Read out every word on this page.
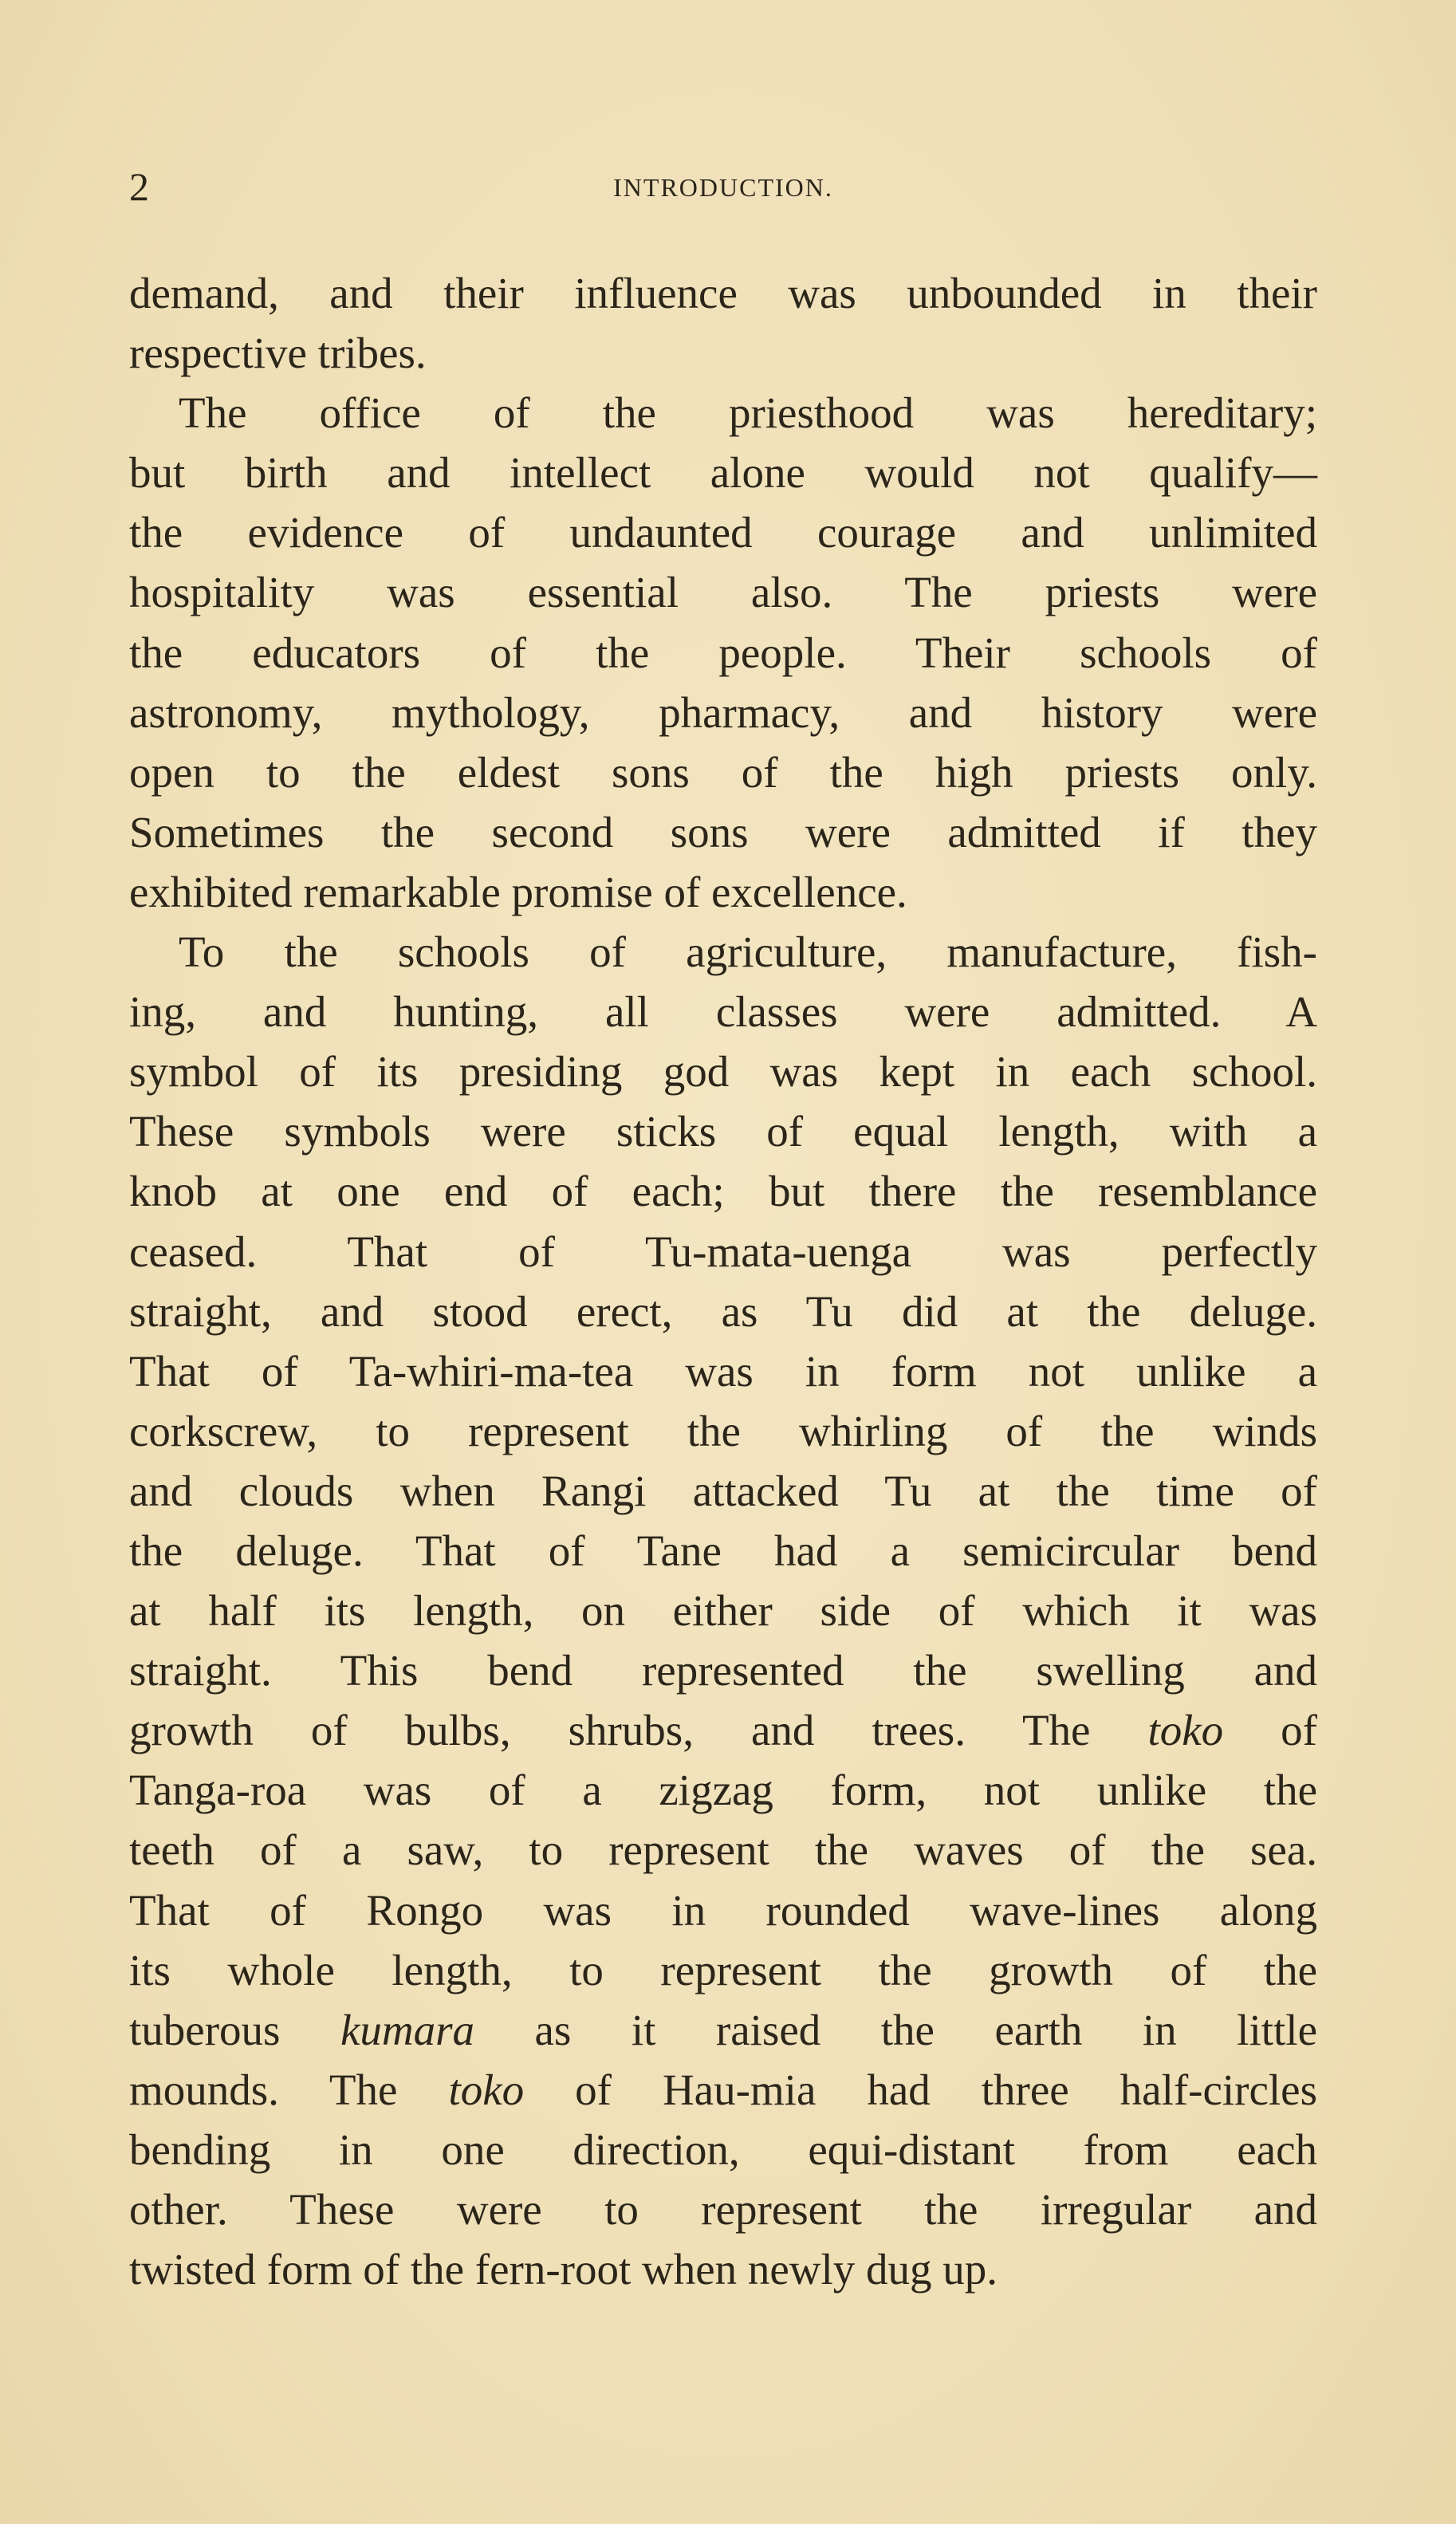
2	INTRODUCTION.
demand, and their influence was unbounded in their
respective tribes.
The office of the priesthood was hereditary;
but birth and intellect alone would not qualify—
the evidence of undaunted courage and unlimited
hospitality was essential also. The priests were
the educators of the people. Their schools of
astronomy, mythology, pharmacy, and history were
open to the eldest sons of the high priests only.
Sometimes the second sons were admitted if they
exhibited remarkable promise of excellence.
To the schools of agriculture, manufacture, fish-
ing, and hunting, all classes were admitted. A
symbol of its presiding god was kept in each school.
These symbols were sticks of equal length, with a
knob at one end of each; but there the resemblance
ceased. That of Tu-mata-uenga was perfectly
straight, and stood erect, as Tu did at the deluge.
That of Ta-whiri-ma-tea was in form not unlike a
corkscrew, to represent the whirling of the winds
and clouds when Rangi attacked Tu at the time of
the deluge. That of Tane had a semicircular bend
at half its length, on either side of which it was
straight. This bend represented the swelling and
growth of bulbs, shrubs, and trees. The toko of
Tanga-roa was of a zigzag form, not unlike the
teeth of a saw, to represent the waves of the sea.
That of Rongo was in rounded wave-lines along
its whole length, to represent the growth of the
tuberous kumara as it raised the earth in little
mounds. The toko of Hau-mia had three half-circles
bending in one direction, equi-distant from each
other. These were to represent the irregular and
twisted form of the fern-root when newly dug up.
